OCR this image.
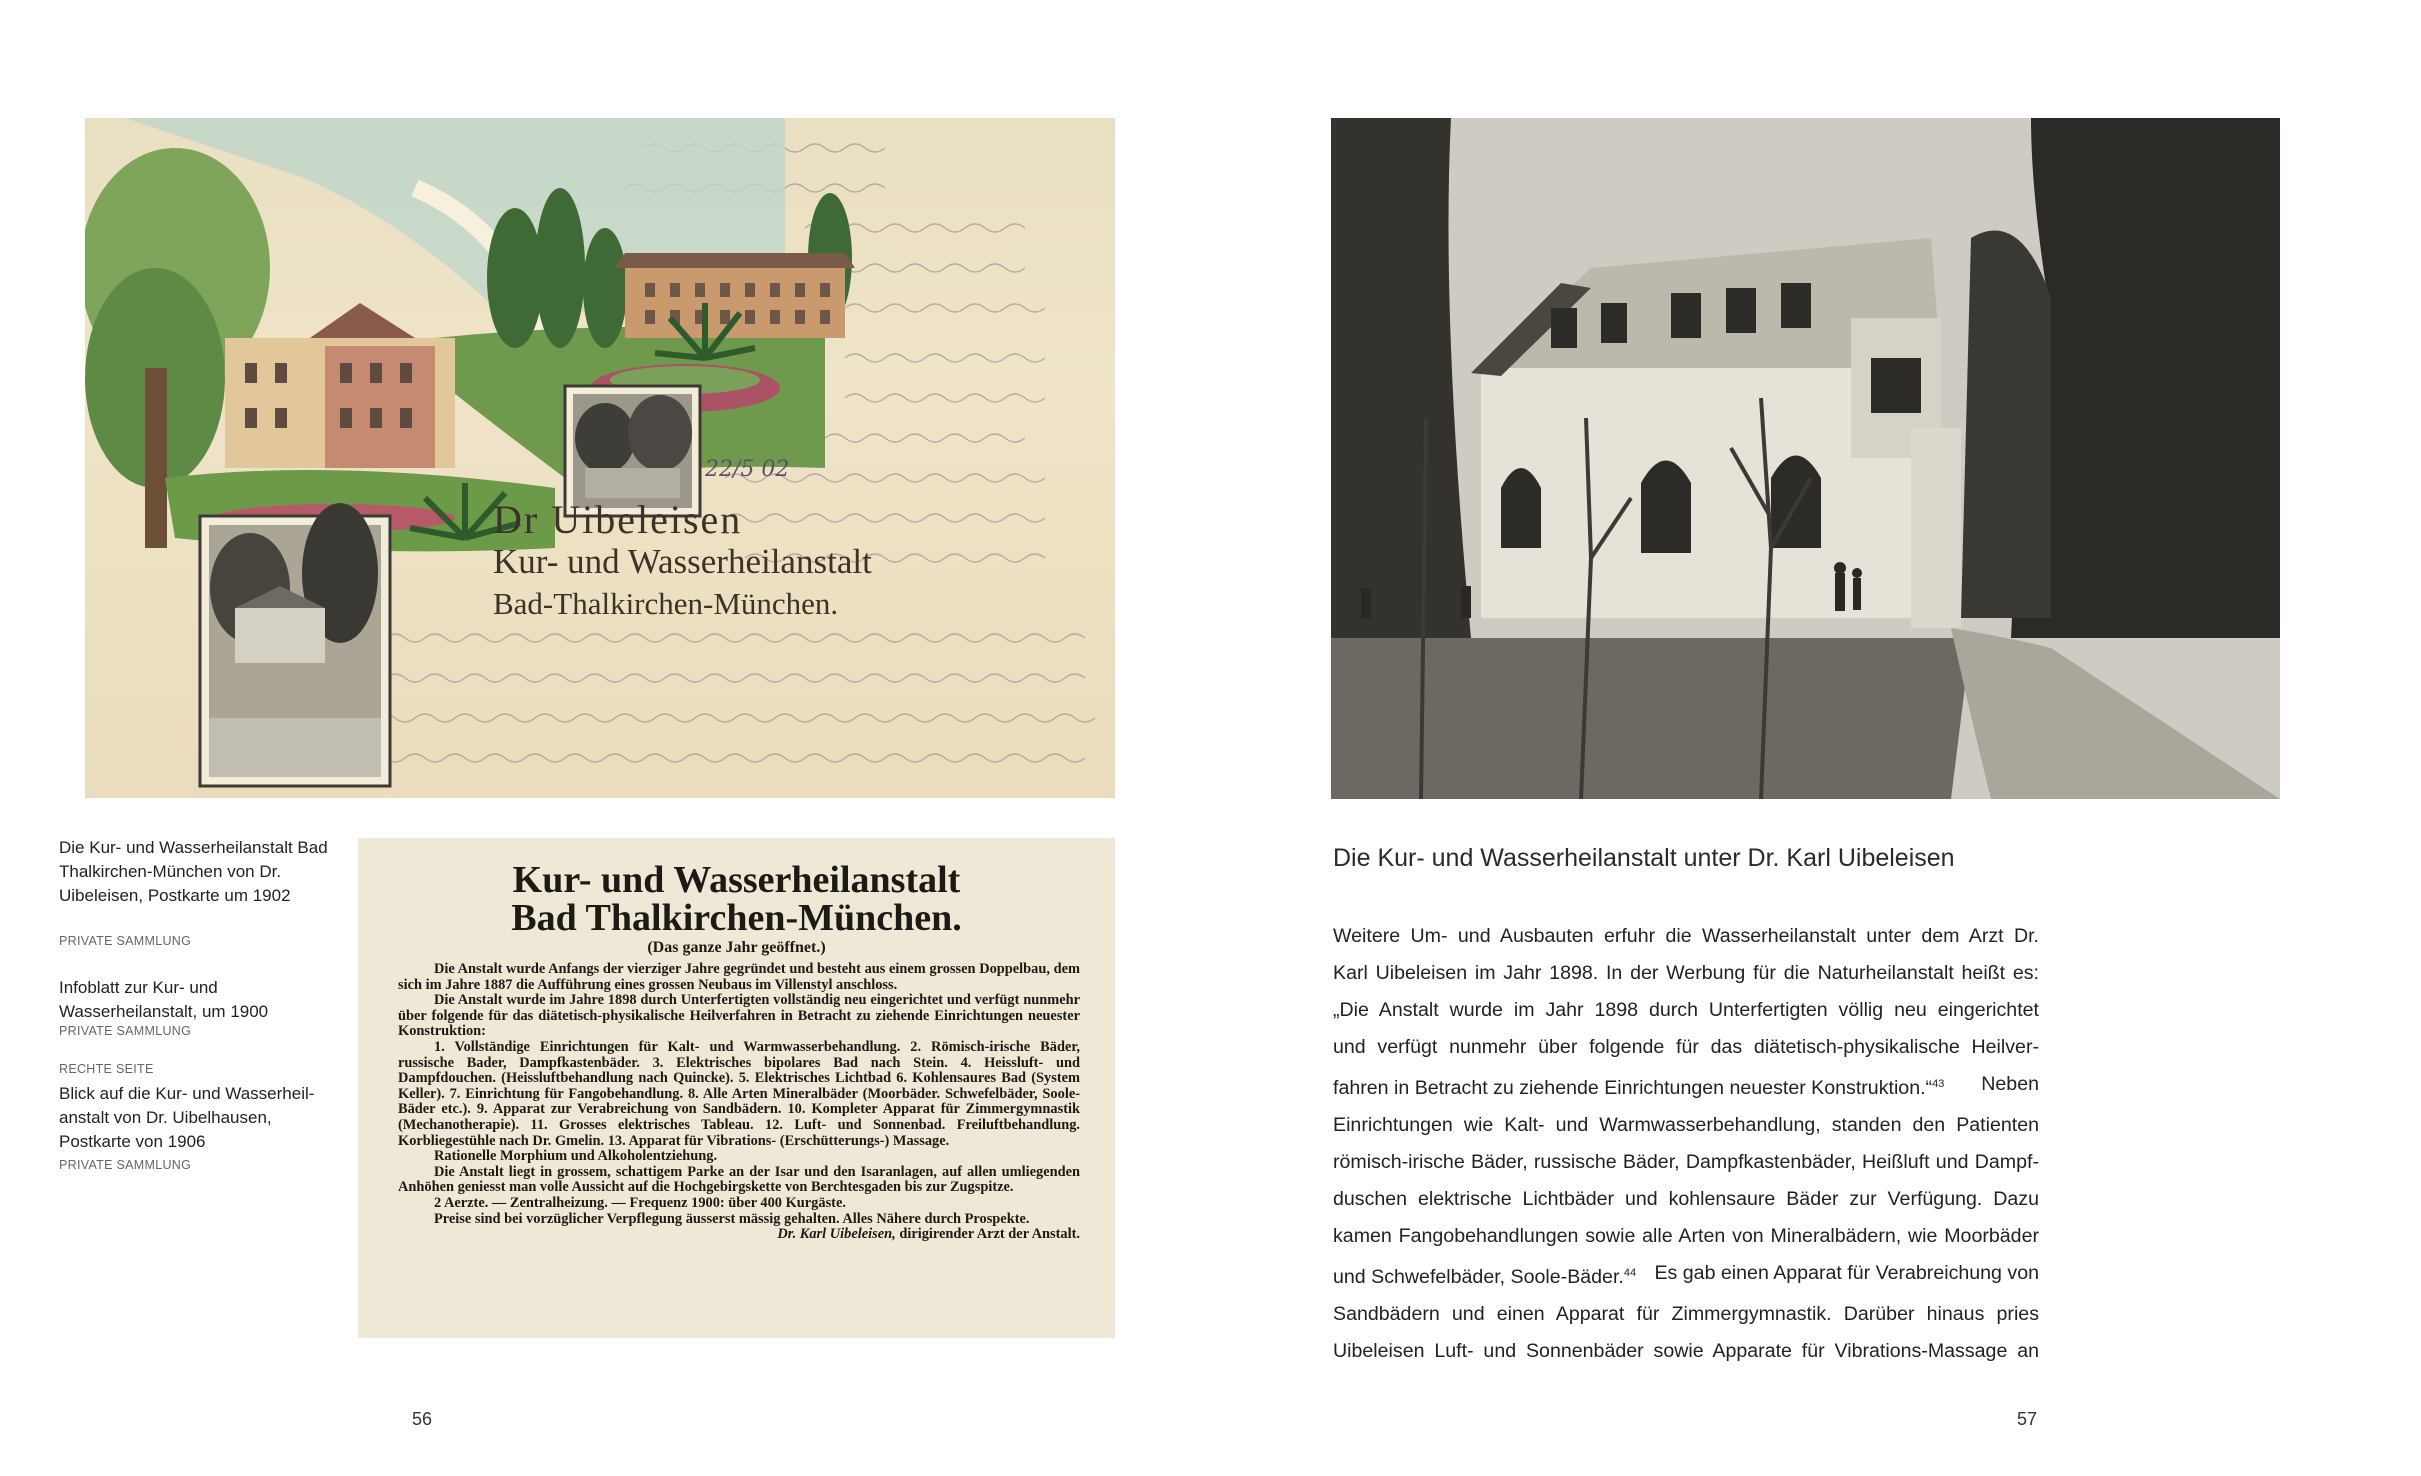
22/5 02
Dr Uibeleisen
Kur- und Wasserheilanstalt
Bad-Thalkirchen-München.
Kur- und Wasserheilanstalt
Bad Thalkirchen-München.
(Das ganze Jahr geöffnet.)

Die Anstalt wurde Anfangs der vierziger Jahre gegründet und besteht aus einem grossen Doppelbau, dem sich im Jahre 1887 die Aufführung eines grossen Neubaus im Villenstyl anschloss.

Die Anstalt wurde im Jahre 1898 durch Unterfertigten vollständig neu eingerichtet und verfügt nunmehr über folgende für das diätetisch-physikalische Heilverfahren in Betracht zu ziehende Einrichtungen neuester Konstruktion:

1. Vollständige Einrichtungen für Kalt- und Warmwasserbehandlung. 2. Römisch-irische Bäder, russische Bader, Dampfkastenbäder. 3. Elektrisches bipolares Bad nach Stein. 4. Heissluft- und Dampfdouchen. (Heissluftbehandlung nach Quincke). 5. Elektrisches Lichtbad 6. Kohlensaures Bad (System Keller). 7. Einrichtung für Fangobehandlung. 8. Alle Arten Mineralbäder (Moorbäder. Schwefelbäder, Soole-Bäder etc.). 9. Apparat zur Verabreichung von Sandbädern. 10. Kompleter Apparat für Zimmergymnastik (Mechanotherapie). 11. Grosses elektrisches Tableau. 12. Luft- und Sonnenbad. Freiluftbehandlung. Korbliegestühle nach Dr. Gmelin. 13. Apparat für Vibrations- (Erschütterungs-) Massage.

Rationelle Morphium und Alkoholentziehung.

Die Anstalt liegt in grossem, schattigem Parke an der Isar und den Isaranlagen, auf allen umliegenden Anhöhen geniesst man volle Aussicht auf die Hochgebirgskette von Berchtesgaden bis zur Zugspitze.

2 Aerzte. — Zentralheizung. — Frequenz 1900: über 400 Kurgäste.

Preise sind bei vorzüglicher Verpflegung äusserst mässig gehalten. Alles Nähere durch Prospekte.

Dr. Karl Uibeleisen, dirigirender Arzt der Anstalt.

Die Kur- und Wasserheilanstalt Bad Thalkirchen-München von Dr. Uibeleisen, Postkarte um 1902
PRIVATE SAMMLUNG
Infoblatt zur Kur- und Wasserheilanstalt, um 1900
PRIVATE SAMMLUNG
RECHTE SEITE
Blick auf die Kur- und Wasserheilanstalt von Dr. Uibelhausen, Postkarte von 1906
PRIVATE SAMMLUNG
Die Kur- und Wasserheilanstalt unter Dr. Karl Uibeleisen
Weitere Um- und Ausbauten erfuhr die Wasserheilanstalt unter dem Arzt Dr.
Karl Uibeleisen im Jahr 1898. In der Werbung für die Naturheilanstalt heißt es:
„Die Anstalt wurde im Jahr 1898 durch Unterfertigten völlig neu eingerichtet
und verfügt nunmehr über folgende für das diätetisch-physikalische Heilver-
fahren in Betracht zu ziehende Einrichtungen neuester Konstruktion.“$^{43}$ Neben
Einrichtungen wie Kalt- und Warmwasserbehandlung, standen den Patienten
römisch-irische Bäder, russische Bäder, Dampfkastenbäder, Heißluft und Dampf-
duschen elektrische Lichtbäder und kohlensaure Bäder zur Verfügung. Dazu
kamen Fangobehandlungen sowie alle Arten von Mineralbädern, wie Moorbäder
und Schwefelbäder, Soole-Bäder.$^{44}$ Es gab einen Apparat für Verabreichung von
Sandbädern und einen Apparat für Zimmergymnastik. Darüber hinaus pries
Uibeleisen Luft- und Sonnenbäder sowie Apparate für Vibrations-Massage an
56	57
